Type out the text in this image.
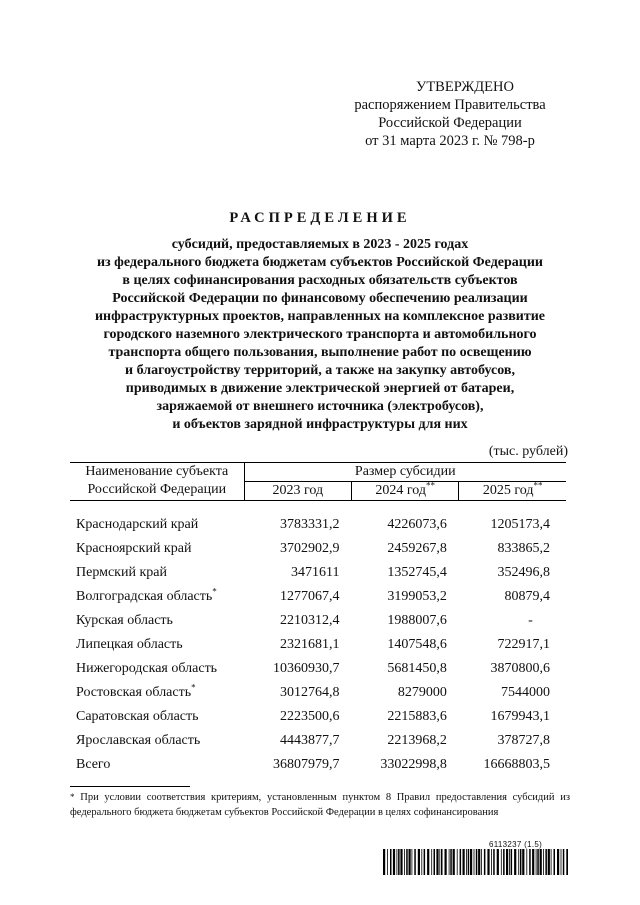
УТВЕРЖДЕНО
распоряжением Правительства
Российской Федерации
от 31 марта 2023 г. № 798-р
РАСПРЕДЕЛЕНИЕ
субсидий, предоставляемых в 2023 - 2025 годах
из федерального бюджета бюджетам субъектов Российской Федерации
в целях софинансирования расходных обязательств субъектов
Российской Федерации по финансовому обеспечению реализации
инфраструктурных проектов, направленных на комплексное развитие
городского наземного электрического транспорта и автомобильного
транспорта общего пользования, выполнение работ по освещению
и благоустройству территорий, а также на закупку автобусов,
приводимых в движение электрической энергией от батареи,
заряжаемой от внешнего источника (электробусов),
и объектов зарядной инфраструктуры для них
(тыс. рублей)
Наименование субъекта
Российской Федерации	Размер субсидии		
	2023 год	2024 год**	2025 год**

Краснодарский край	3783331,2	4226073,6	1205173,4
Красноярский край	3702902,9	2459267,8	833865,2
Пермский край	3471611	1352745,4	352496,8
Волгоградская область*	1277067,4	3199053,2	80879,4
Курская область	2210312,4	1988007,6	-
Липецкая область	2321681,1	1407548,6	722917,1
Нижегородская область	10360930,7	5681450,8	3870800,6
Ростовская область*	3012764,8	8279000	7544000
Саратовская область	2223500,6	2215883,6	1679943,1
Ярославская область	4443877,7	2213968,2	378727,8
Всего	36807979,7	33022998,8	16668803,5
* При условии соответствия критериям, установленным пунктом 8 Правил предоставления субсидий из федерального бюджета бюджетам субъектов Российской Федерации в целях софинансирования
6113237 (1.5)
